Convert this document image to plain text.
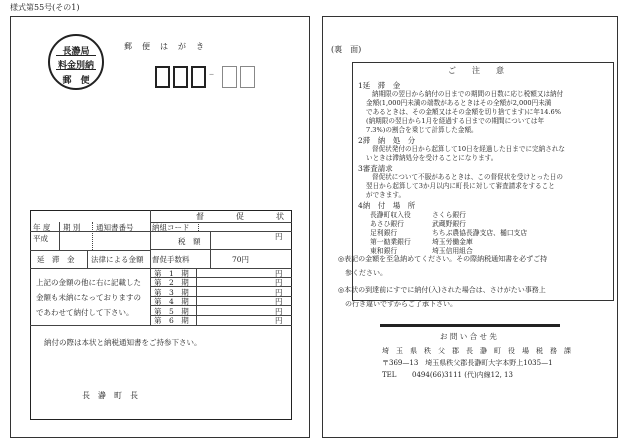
様式第55号(その1)
郵　便　は　が　き
長瀞局
料金別納
郵　便
–
督　　　　促　　　　状
年 度 期 別 通知書番号 納組コード
平成	税　額
円
延　滞　金 法律による金額 督促手数料	70円
第　1　期	円
第　2　期	円
第　3　期	円
第　4　期	円
第　5　期	円
第　6　期	円
上記の金額の他に右に記載した
金額も未納になっておりますの
であわせて納付して下さい。
納付の際は本状と納税通知書をご持参下さい。
長　瀞　町　長
(裏　面)
ご　　注　　意
1延　滞　金
納期限の翌日から納付の日までの期間の日数に応じ税額又は納付
金額(1,000円未満の端数があるときはその全額が2,000円未満
であるときは、その金額又はその金額を切り捨てます)に年14.6%
(納期限の翌日から1月を経過する日までの期間については年
7.3%)の割合を乗じて計算した金額。
2滞　納　処　分
督促状発付の日から起算して10日を経過した日までに完納されな
いときは滞納処分を受けることになります。
3審査請求
督促状について不服があるときは、この督促状を受けとった日の
翌日から起算して3か月以内に町長に対して審査請求をすること
ができます。
4納　付　場　所
長瀞町収入役	さくら銀行
あさひ銀行	武蔵野銀行
足利銀行	ちちぶ農協長瀞支店、樋口支店
第一勧業銀行	埼玉労働金庫
東和銀行	埼玉信用組合
◎表記の金額を至急納めてください。その際納税通知書を必ずご持
　参ください。
◎本状の到達前にすでに納付(入)された場合は、さけがたい事務上
　の行き違いですからご了承下さい。
お 問 い 合 せ 先
埼　玉　県　秩　父　郡　長　瀞　町　役　場　税　務　課
〒369—13　埼玉県秩父郡長瀞町大字本野上1035—1
TEL 0494(66)3111 (代)内線12, 13
